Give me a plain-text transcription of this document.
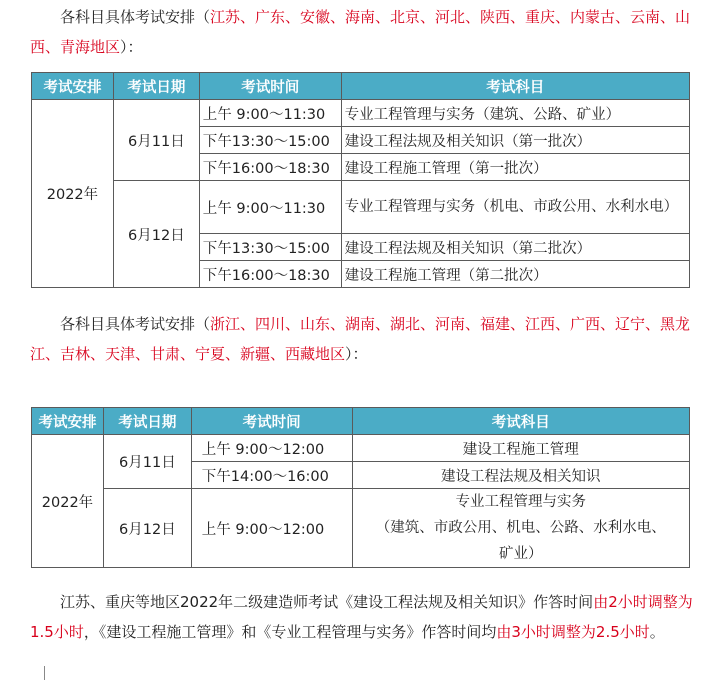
各科目具体考试安排（江苏、广东、安徽、海南、北京、河北、陕西、重庆、内蒙古、云南、山西、青海地区）：
考试安排	考试日期	考试时间	考试科目
2022年	6月11日	上午 9:00～11:30	专业工程管理与实务（建筑、公路、矿业）
		下午13:30～15:00	建设工程法规及相关知识（第一批次）
		下午16:00～18:30	建设工程施工管理（第一批次）
	6月12日	上午 9:00～11:30	专业工程管理与实务（机电、市政公用、水利水电）
		下午13:30～15:00	建设工程法规及相关知识（第二批次）
		下午16:00～18:30	建设工程施工管理（第二批次）
各科目具体考试安排（浙江、四川、山东、湖南、湖北、河南、福建、江西、广西、辽宁、黑龙江、吉林、天津、甘肃、宁夏、新疆、西藏地区）：
考试安排	考试日期	考试时间	考试科目
2022年	6月11日	上午 9:00～12:00	建设工程施工管理
		下午14:00～16:00	建设工程法规及相关知识
	6月12日	上午 9:00～12:00	专业工程管理与实务
（建筑、市政公用、机电、公路、水利水电、矿业）
江苏、重庆等地区2022年二级建造师考试《建设工程法规及相关知识》作答时间由2小时调整为1.5小时，《建设工程施工管理》和《专业工程管理与实务》作答时间均由3小时调整为2.5小时。
